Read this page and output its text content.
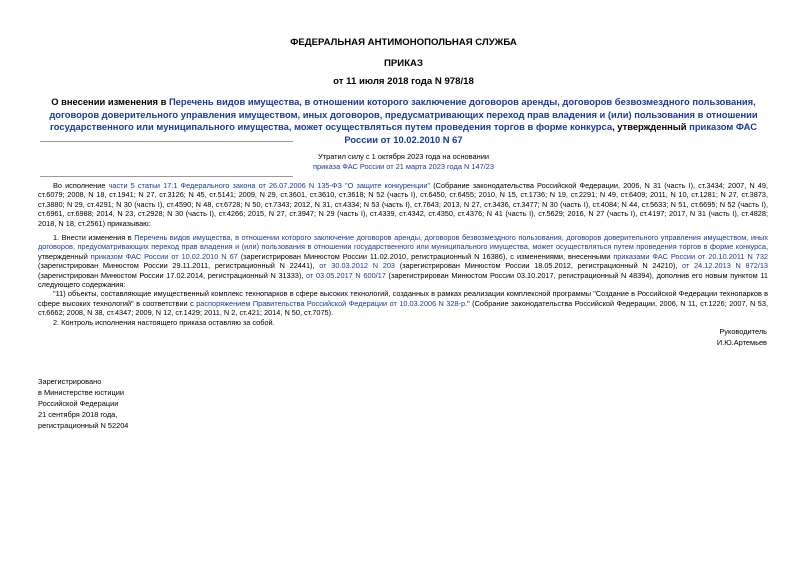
ФЕДЕРАЛЬНАЯ АНТИМОНОПОЛЬНАЯ СЛУЖБА
ПРИКАЗ
от 11 июля 2018 года N 978/18
О внесении изменения в Перечень видов имущества, в отношении которого заключение договоров аренды, договоров безвозмездного пользования, договоров доверительного управления имуществом, иных договоров, предусматривающих переход прав владения и (или) пользования в отношении государственного или муниципального имущества, может осуществляться путем проведения торгов в форме конкурса, утвержденный приказом ФАС России от 10.02.2010 N 67
Утратил силу с 1 октября 2023 года на основании
приказа ФАС России от 21 марта 2023 года N 147/23

Во исполнение части 5 статьи 17.1 Федерального закона от 26.07.2006 N 135-ФЗ "О защите конкуренции" (Собрание законодательства Российской Федерации, 2006, N 31 (часть I), ст.3434; 2007, N 49, ст.6079; 2008, N 18, ст.1941; N 27, ст.3126; N 45, ст.5141; 2009, N 29, ст.3601, ст.3610, ст.3618; N 52 (часть I), ст.6450, ст.6455; 2010, N 15, ст.1736; N 19, ст.2291; N 49, ст.6409; 2011, N 10, ст.1281; N 27, ст.3873, ст.3880; N 29, ст.4291; N 30 (часть I), ст.4590; N 48, ст.6728; N 50, ст.7343; 2012, N 31, ст.4334; N 53 (часть I), ст.7643; 2013, N 27, ст.3436, ст.3477; N 30 (часть I), ст.4084; N 44, ст.5633; N 51, ст.6695; N 52 (часть I), ст.6961, ст.6988; 2014, N 23, ст.2928; N 30 (часть I), ст.4266; 2015, N 27, ст.3947; N 29 (часть I), ст.4339, ст.4342, ст.4350, ст.4376; N 41 (часть I), ст.5629; 2016, N 27 (часть I), ст.4197; 2017, N 31 (часть I), ст.4828; 2018, N 18, ст.2561) приказываю:

1. Внести изменения в Перечень видов имущества, в отношении которого заключение договоров аренды, договоров безвозмездного пользования, договоров доверительного управления имуществом, иных договоров, предусматривающих переход прав владения и (или) пользования в отношении государственного или муниципального имущества, может осуществляться путем проведения торгов в форме конкурса, утвержденный приказом ФАС России от 10.02.2010 N 67 (зарегистрирован Минюстом России 11.02.2010, регистрационный N 16386), с изменениями, внесенными приказами ФАС России от 20.10.2011 N 732 (зарегистрирован Минюстом России 29.11.2011, регистрационный N 22441), от 30.03.2012 N 203 (зарегистрирован Минюстом России 18.05.2012, регистрационный N 24210), от 24.12.2013 N 872/13 (зарегистрирован Минюстом России 17.02.2014, регистрационный N 31333), от 03.05.2017 N 600/17 (зарегистрирован Минюстом России 03.10.2017, регистрационный N 48394), дополнив его новым пунктом 11 следующего содержания:

"11) объекты, составляющие имущественный комплекс технопарков в сфере высоких технологий, созданных в рамках реализации комплексной программы "Создание в Российской Федерации технопарков в сфере высоких технологий" в соответствии с распоряжением Правительства Российской Федерации от 10.03.2006 N 328-р." (Собрание законодательства Российской Федерации, 2006, N 11, ст.1226; 2007, N 53, ст.6662; 2008, N 38, ст.4347; 2009, N 12, ст.1429; 2011, N 2, ст.421; 2014, N 50, ст.7075).

2. Контроль исполнения настоящего приказа оставляю за собой.

Руководитель
И.Ю.Артемьев
Зарегистрировано
в Министерстве юстиции
Российской Федерации
21 сентября 2018 года,
регистрационный N 52204
